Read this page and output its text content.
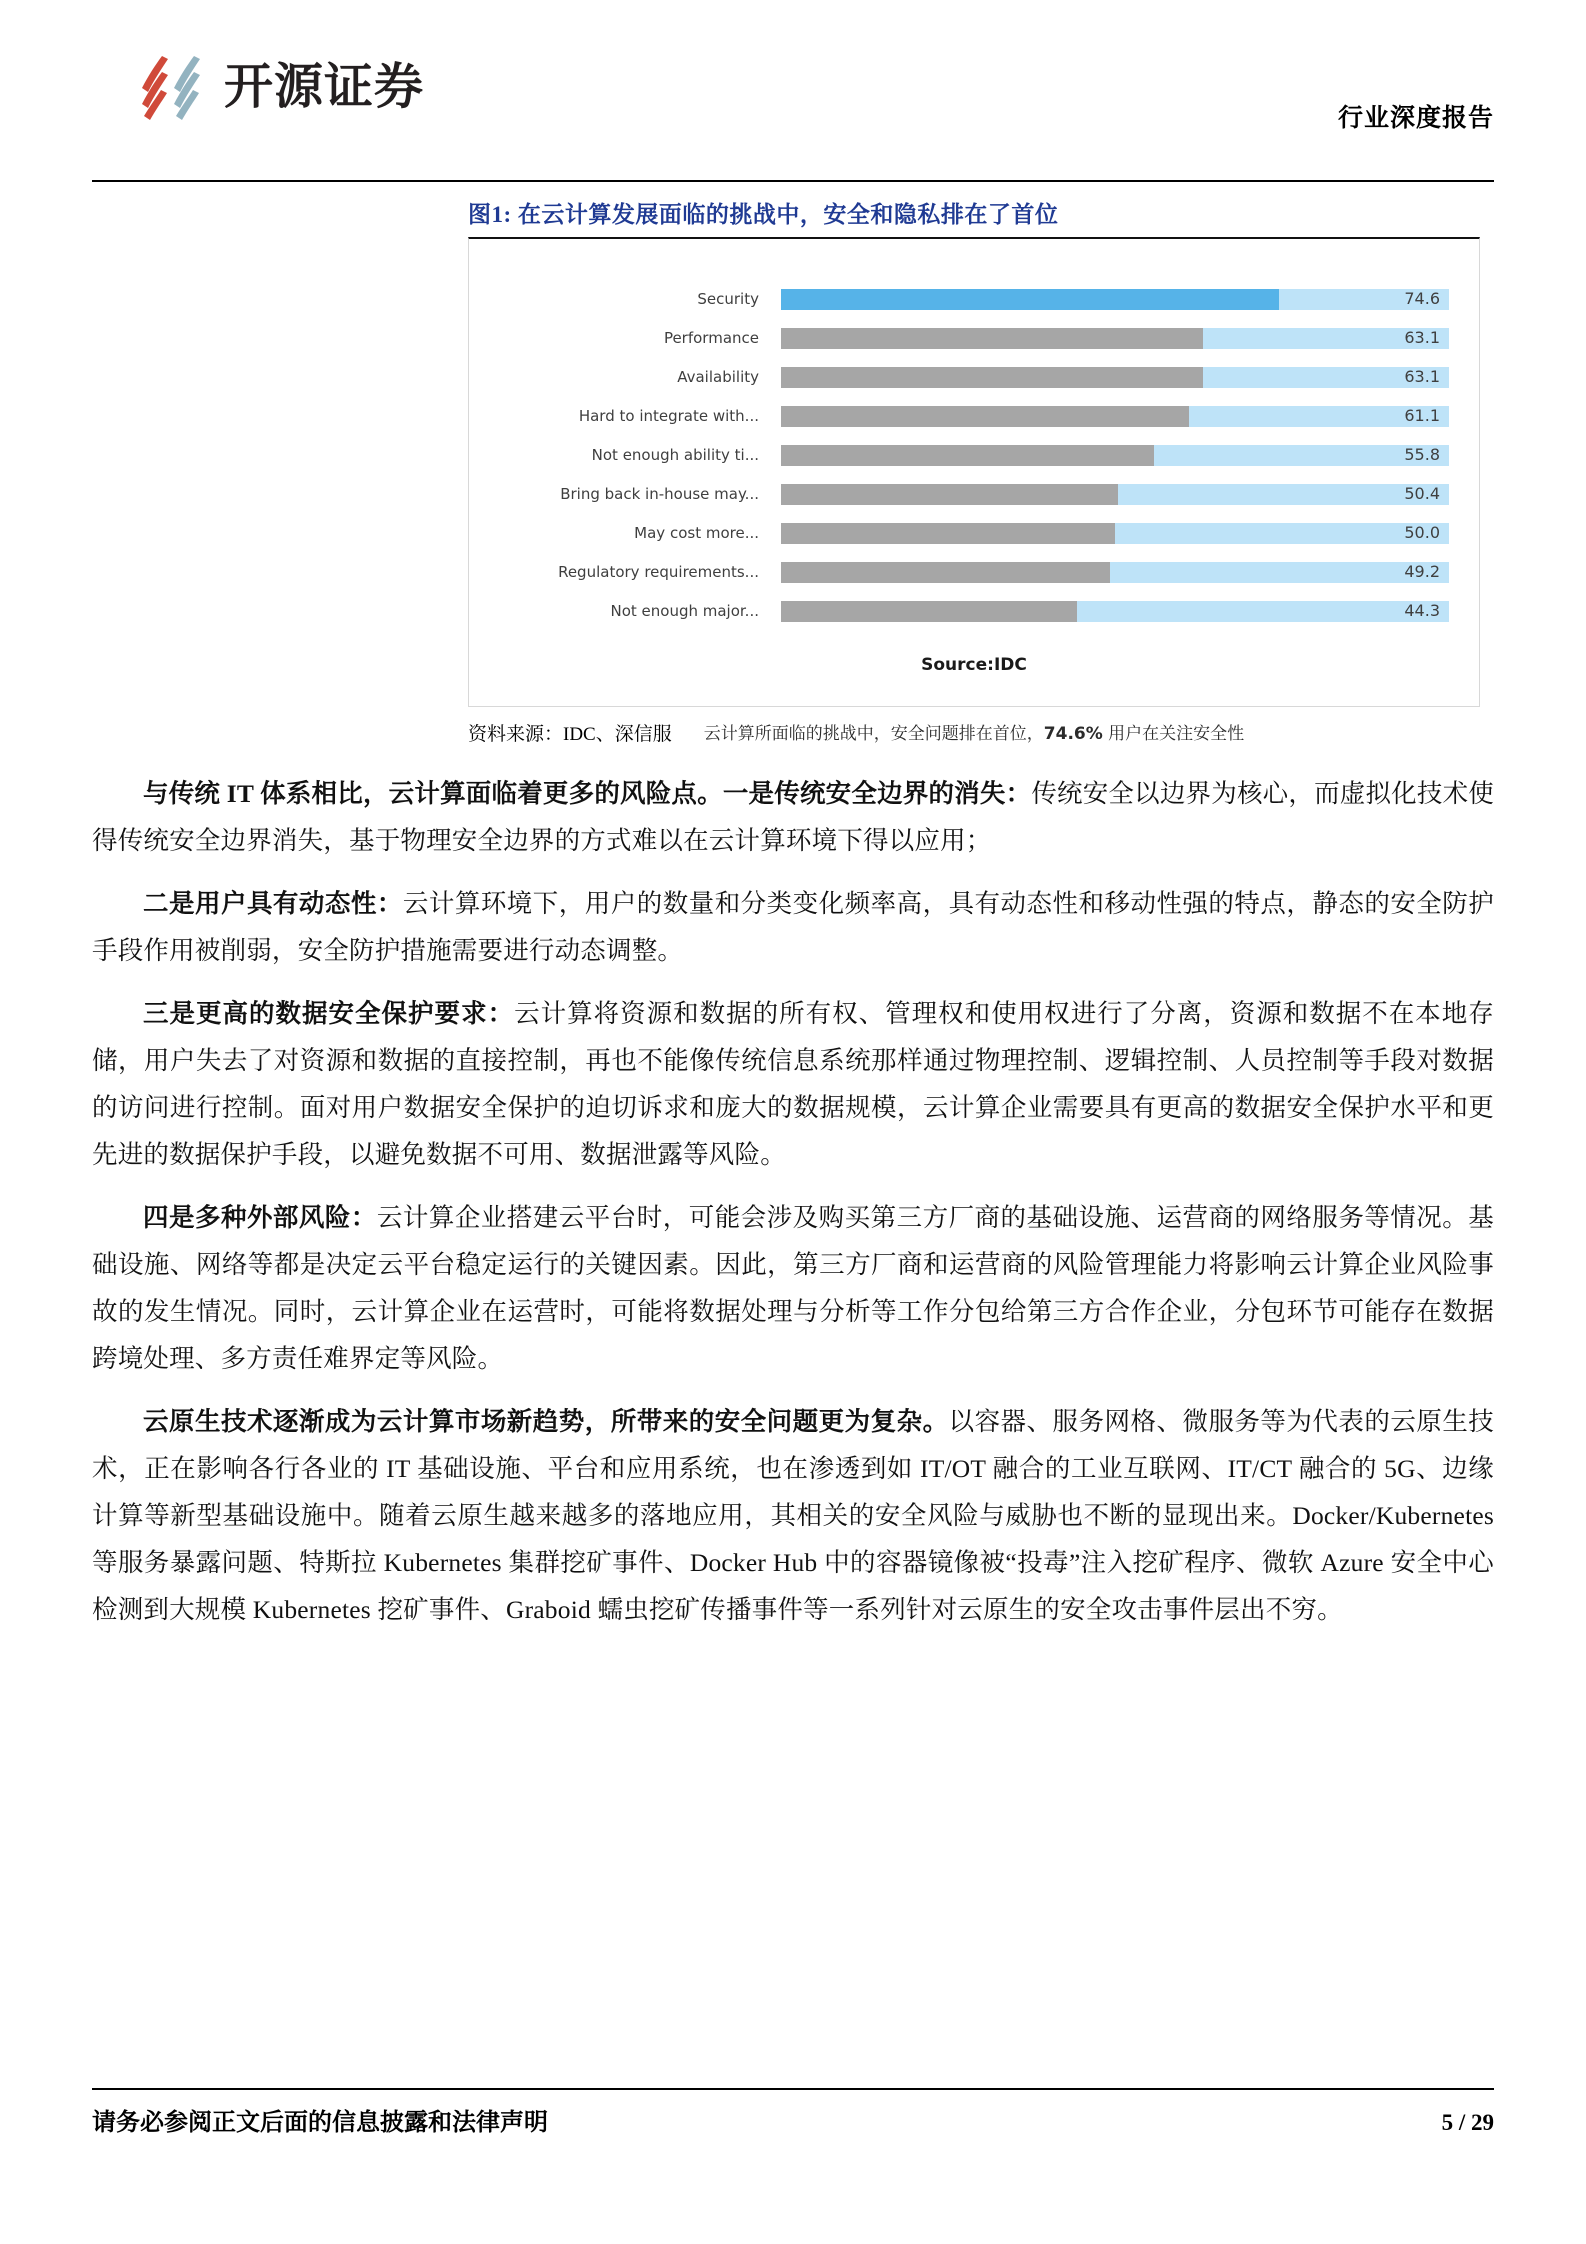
开源证券
行业深度报告
图1: 在云计算发展面临的挑战中，安全和隐私排在了首位
Security	74.6
Performance	63.1
Availability	63.1
Hard to integrate with...	61.1
Not enough ability ti...	55.8
Bring back in-house may...	50.4
May cost more...	50.0
Regulatory requirements...	49.2
Not enough major...	44.3
Source:IDC
云计算所面临的挑战中，安全问题排在首位，74.6% 用户在关注安全性
资料来源：IDC、深信服

与传统 IT 体系相比，云计算面临着更多的风险点。一是传统安全边界的消失：传统安全以边界为核心，而虚拟化技术使得传统安全边界消失，基于物理安全边界的方式难以在云计算环境下得以应用；

二是用户具有动态性：云计算环境下，用户的数量和分类变化频率高，具有动态性和移动性强的特点，静态的安全防护手段作用被削弱，安全防护措施需要进行动态调整。

三是更高的数据安全保护要求：云计算将资源和数据的所有权、管理权和使用权进行了分离，资源和数据不在本地存储，用户失去了对资源和数据的直接控制，再也不能像传统信息系统那样通过物理控制、逻辑控制、人员控制等手段对数据的访问进行控制。面对用户数据安全保护的迫切诉求和庞大的数据规模，云计算企业需要具有更高的数据安全保护水平和更先进的数据保护手段，以避免数据不可用、数据泄露等风险。

四是多种外部风险：云计算企业搭建云平台时，可能会涉及购买第三方厂商的基础设施、运营商的网络服务等情况。基础设施、网络等都是决定云平台稳定运行的关键因素。因此，第三方厂商和运营商的风险管理能力将影响云计算企业风险事故的发生情况。同时，云计算企业在运营时，可能将数据处理与分析等工作分包给第三方合作企业，分包环节可能存在数据跨境处理、多方责任难界定等风险。

云原生技术逐渐成为云计算市场新趋势，所带来的安全问题更为复杂。以容器、服务网格、微服务等为代表的云原生技术，正在影响各行各业的 IT 基础设施、平台和应用系统，也在渗透到如 IT/OT 融合的工业互联网、IT/CT 融合的 5G、边缘计算等新型基础设施中。随着云原生越来越多的落地应用，其相关的安全风险与威胁也不断的显现出来。Docker/Kubernetes 等服务暴露问题、特斯拉 Kubernetes 集群挖矿事件、Docker Hub 中的容器镜像被“投毒”注入挖矿程序、微软 Azure 安全中心检测到大规模 Kubernetes 挖矿事件、Graboid 蠕虫挖矿传播事件等一系列针对云原生的安全攻击事件层出不穷。

请务必参阅正文后面的信息披露和法律声明	5 / 29
